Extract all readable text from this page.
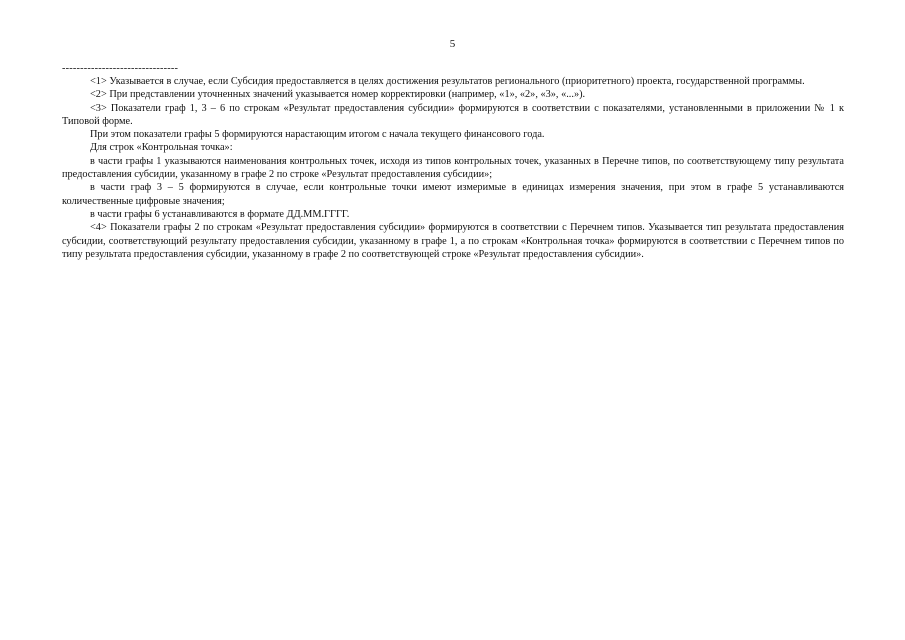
5
--------------------------------

<1> Указывается в случае, если Субсидия предоставляется в целях достижения результатов регионального (приоритетного) проекта, государственной программы.

<2> При представлении уточненных значений указывается номер корректировки (например, «1», «2», «3», «...»).

<3> Показатели граф 1, 3 – 6 по строкам «Результат предоставления субсидии» формируются в соответствии с показателями, установленными в приложении № 1 к Типовой форме.

При этом показатели графы 5 формируются нарастающим итогом с начала текущего финансового года.

Для строк «Контрольная точка»:

в части графы 1 указываются наименования контрольных точек, исходя из типов контрольных точек, указанных в Перечне типов, по соответствующему типу результата предоставления субсидии, указанному в графе 2 по строке «Результат предоставления субсидии»;

в части граф 3 – 5 формируются в случае, если контрольные точки имеют измеримые в единицах измерения значения, при этом в графе 5 устанавливаются количественные цифровые значения;

в части графы 6 устанавливаются в формате ДД.ММ.ГГГГ.

<4> Показатели графы 2 по строкам «Результат предоставления субсидии» формируются в соответствии с Перечнем типов. Указывается тип результата предоставления субсидии, соответствующий результату предоставления субсидии, указанному в графе 1, а по строкам «Контрольная точка» формируются в соответствии с Перечнем типов по типу результата предоставления субсидии, указанному в графе 2 по соответствующей строке «Результат предоставления субсидии».
